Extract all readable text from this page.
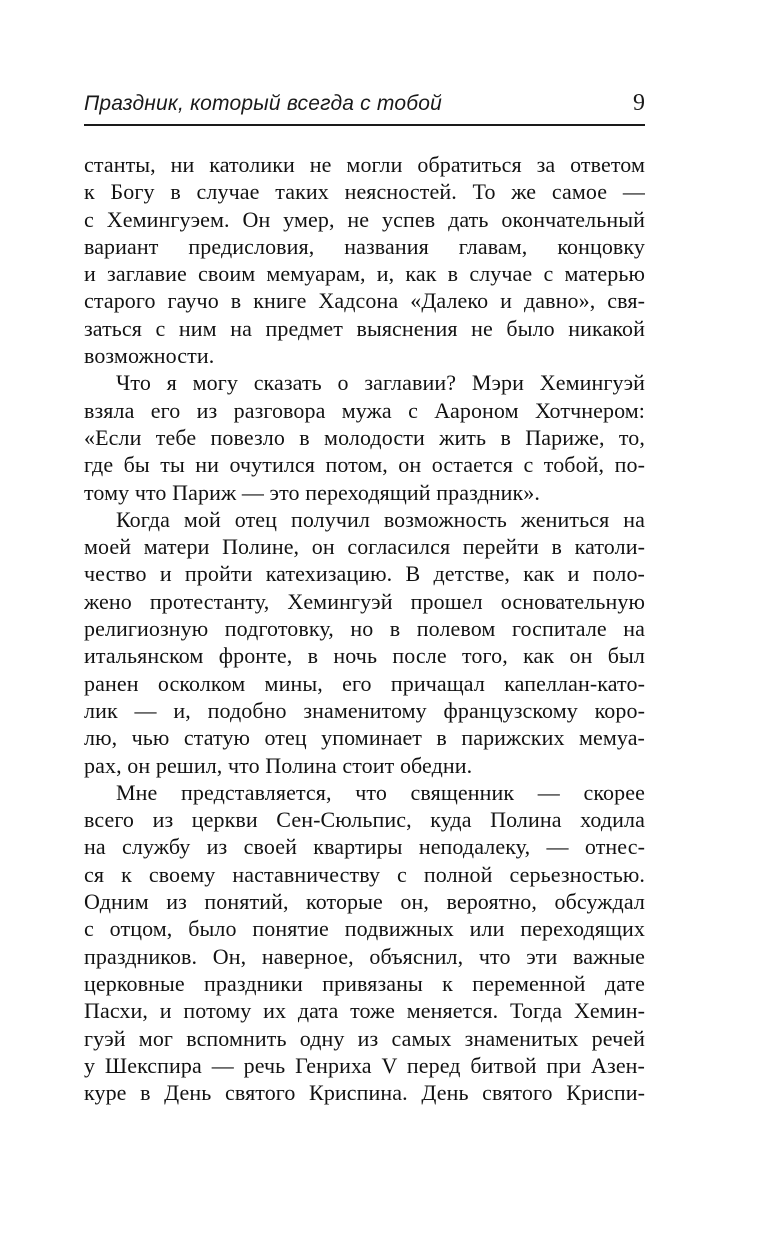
Праздник, который всегда с тобой	9
станты, ни католики не могли обратиться за ответом
к Богу в случае таких неясностей. То же самое —
с Хемингуэем. Он умер, не успев дать окончательный
вариант предисловия, названия главам, концовку
и заглавие своим мемуарам, и, как в случае с матерью
старого гаучо в книге Хадсона «Далеко и давно», свя-
заться с ним на предмет выяснения не было никакой
возможности.
Что я могу сказать о заглавии? Мэри Хемингуэй
взяла его из разговора мужа с Аароном Хотчнером:
«Если тебе повезло в молодости жить в Париже, то,
где бы ты ни очутился потом, он остается с тобой, по-
тому что Париж — это переходящий праздник».
Когда мой отец получил возможность жениться на
моей матери Полине, он согласился перейти в католи-
чество и пройти катехизацию. В детстве, как и поло-
жено протестанту, Хемингуэй прошел основательную
религиозную подготовку, но в полевом госпитале на
итальянском фронте, в ночь после того, как он был
ранен осколком мины, его причащал капеллан-като-
лик — и, подобно знаменитому французскому коро-
лю, чью статую отец упоминает в парижских мемуа-
рах, он решил, что Полина стоит обедни.
Мне представляется, что священник — скорее
всего из церкви Сен-Сюльпис, куда Полина ходила
на службу из своей квартиры неподалеку, — отнес-
ся к своему наставничеству с полной серьезностью.
Одним из понятий, которые он, вероятно, обсуждал
с отцом, было понятие подвижных или переходящих
праздников. Он, наверное, объяснил, что эти важные
церковные праздники привязаны к переменной дате
Пасхи, и потому их дата тоже меняется. Тогда Хемин-
гуэй мог вспомнить одну из самых знаменитых речей
у Шекспира — речь Генриха V перед битвой при Азен-
куре в День святого Криспина. День святого Криспи-
